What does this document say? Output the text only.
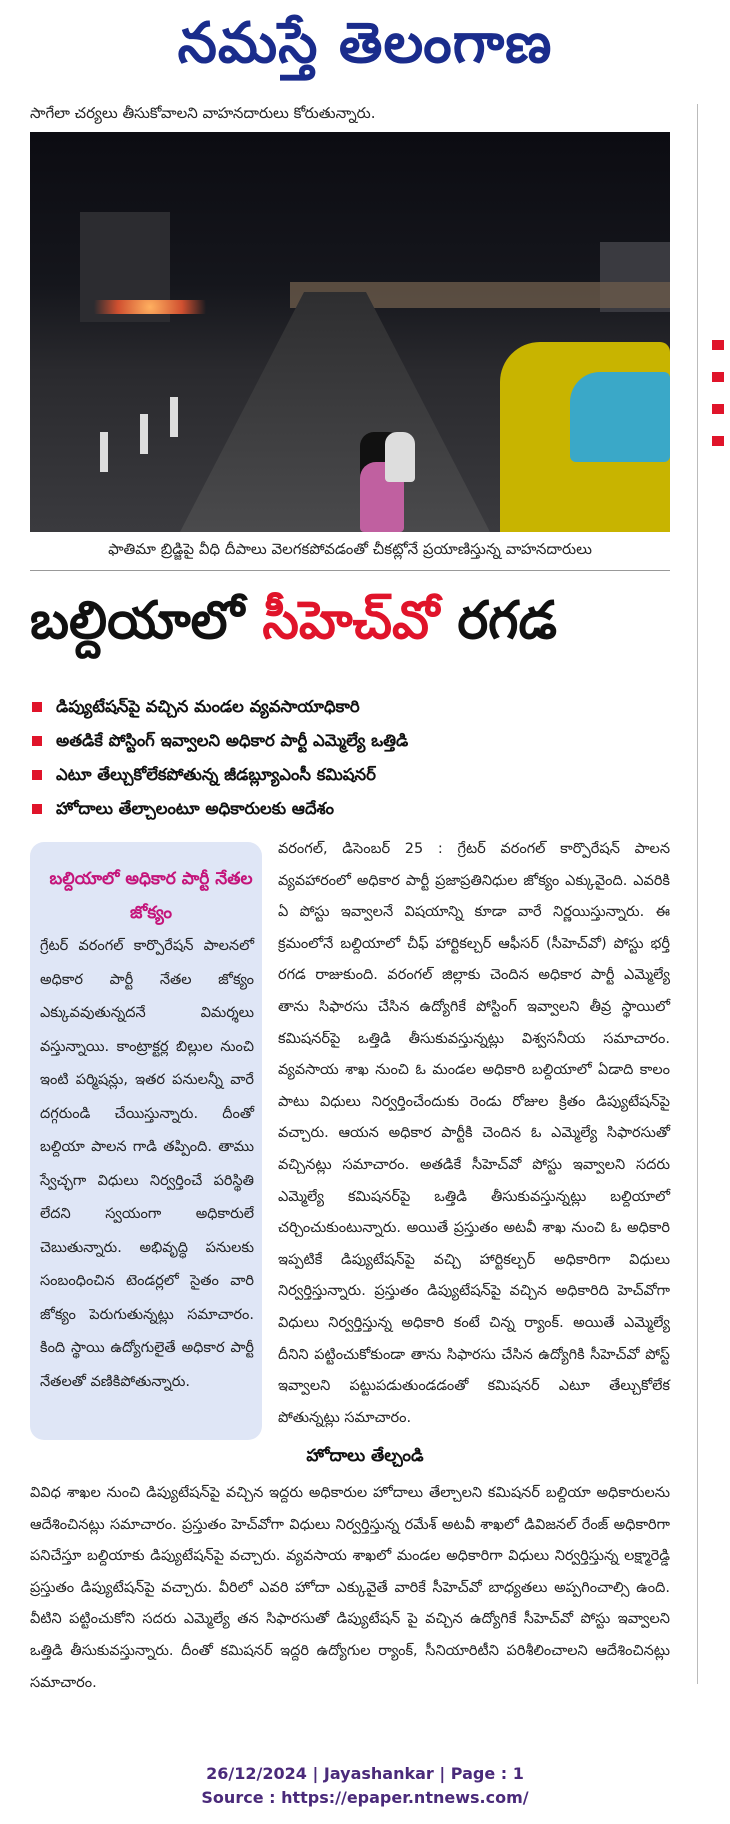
నమస్తే తెలంగాణ
సాగేలా చర్యలు తీసుకోవాలని వాహనదారులు కోరుతున్నారు.
ఫాతిమా బ్రిడ్జిపై వీధి దీపాలు వెలగకపోవడంతో చీకట్లోనే ప్రయాణిస్తున్న వాహనదారులు
బల్దియాలో సీహెచ్‌వో రగడ
డిప్యుటేషన్‌పై వచ్చిన మండల వ్యవసాయాధికారి
అతడికే పోస్టింగ్ ఇవ్వాలని అధికార పార్టీ ఎమ్మెల్యే ఒత్తిడి
ఎటూ తేల్చుకోలేకపోతున్న జీడబ్ల్యూఎంసీ కమిషనర్
హోదాలు తేల్చాలంటూ అధికారులకు ఆదేశం
బల్దియాలో అధికార పార్టీ నేతల జోక్యం
గ్రేటర్ వరంగల్ కార్పొరేషన్ పాలనలో అధికార పార్టీ నేతల జోక్యం ఎక్కువవుతున్నదనే విమర్శలు వస్తున్నాయి. కాంట్రాక్టర్ల బిల్లుల నుంచి ఇంటి పర్మిషన్లు, ఇతర పనులన్నీ వారే దగ్గరుండి చేయిస్తున్నారు. దీంతో బల్దియా పాలన గాడి తప్పింది. తాము స్వేచ్ఛగా విధులు నిర్వర్తించే పరిస్థితి లేదని స్వయంగా అధికారులే చెబుతున్నారు. అభివృద్ధి పనులకు సంబంధించిన టెండర్లలో సైతం వారి జోక్యం పెరుగుతున్నట్లు సమాచారం. కింది స్థాయి ఉద్యోగులైతే అధికార పార్టీ నేతలతో వణికిపోతున్నారు.
వరంగల్, డిసెంబర్ 25 : గ్రేటర్ వరంగల్ కార్పొరేషన్ పాలన వ్యవహారంలో అధికార పార్టీ ప్రజాప్రతినిధుల జోక్యం ఎక్కువైంది. ఎవరికి ఏ పోస్టు ఇవ్వాలనే విషయాన్ని కూడా వారే నిర్ణయిస్తున్నారు. ఈ క్రమంలోనే బల్దియాలో చీఫ్ హార్టికల్చర్ ఆఫీసర్ (సీహెచ్‌వో) పోస్టు భర్తీ రగడ రాజుకుంది. వరంగల్ జిల్లాకు చెందిన అధికార పార్టీ ఎమ్మెల్యే తాను సిఫారసు చేసిన ఉద్యోగికే పోస్టింగ్ ఇవ్వాలని తీవ్ర స్థాయిలో కమిషనర్‌పై ఒత్తిడి తీసుకువస్తున్నట్లు విశ్వసనీయ సమాచారం. వ్యవసాయ శాఖ నుంచి ఓ మండల అధికారి బల్దియాలో ఏడాది కాలం పాటు విధులు నిర్వర్తించేందుకు రెండు రోజుల క్రితం డిప్యుటేషన్‌పై వచ్చారు. ఆయన అధికార పార్టీకి చెందిన ఓ ఎమ్మెల్యే సిఫారసుతో వచ్చినట్లు సమాచారం. అతడికే సీహెచ్‌వో పోస్టు ఇవ్వాలని సదరు ఎమ్మెల్యే కమిషనర్‌పై ఒత్తిడి తీసుకువస్తున్నట్లు బల్దియాలో చర్చించుకుంటున్నారు. అయితే ప్రస్తుతం అటవీ శాఖ నుంచి ఓ అధికారి ఇప్పటికే డిప్యుటేషన్‌పై వచ్చి హార్టికల్చర్ అధికారిగా విధులు నిర్వర్తిస్తున్నారు. ప్రస్తుతం డిప్యుటేషన్‌పై వచ్చిన అధికారిది హెచ్‌వోగా విధులు నిర్వర్తిస్తున్న అధికారి కంటే చిన్న ర్యాంక్. అయితే ఎమ్మెల్యే దీనిని పట్టించుకోకుండా తాను సిఫారసు చేసిన ఉద్యోగికి సీహెచ్‌వో పోస్ట్ ఇవ్వాలని పట్టుపడుతుండడంతో కమిషనర్ ఎటూ తేల్చుకోలేక పోతున్నట్లు సమాచారం.
హోదాలు తేల్చండి
వివిధ శాఖల నుంచి డిప్యుటేషన్‌పై వచ్చిన ఇద్దరు అధికారుల హోదాలు తేల్చాలని కమిషనర్ బల్దియా అధికారులను ఆదేశించినట్లు సమాచారం. ప్రస్తుతం హెచ్‌వోగా విధులు నిర్వర్తిస్తున్న రమేశ్ అటవీ శాఖలో డివిజనల్ రేంజ్ అధికారిగా పనిచేస్తూ బల్దియాకు డిప్యుటేషన్‌పై వచ్చారు. వ్యవసాయ శాఖలో మండల అధికారిగా విధులు నిర్వర్తిస్తున్న లక్ష్మారెడ్డి ప్రస్తుతం డిప్యుటేషన్‌పై వచ్చారు. వీరిలో ఎవరి హోదా ఎక్కువైతే వారికే సీహెచ్‌వో బాధ్యతలు అప్పగించాల్సి ఉంది. వీటిని పట్టించుకోని సదరు ఎమ్మెల్యే తన సిఫారసుతో డిప్యుటేషన్ పై వచ్చిన ఉద్యోగికే సీహెచ్‌వో పోస్టు ఇవ్వాలని ఒత్తిడి తీసుకువస్తున్నారు. దీంతో కమిషనర్ ఇద్దరి ఉద్యోగుల ర్యాంక్, సీనియారిటీని పరిశీలించాలని ఆదేశించినట్లు సమాచారం.
26/12/2024 | Jayashankar | Page : 1
Source : https://epaper.ntnews.com/
